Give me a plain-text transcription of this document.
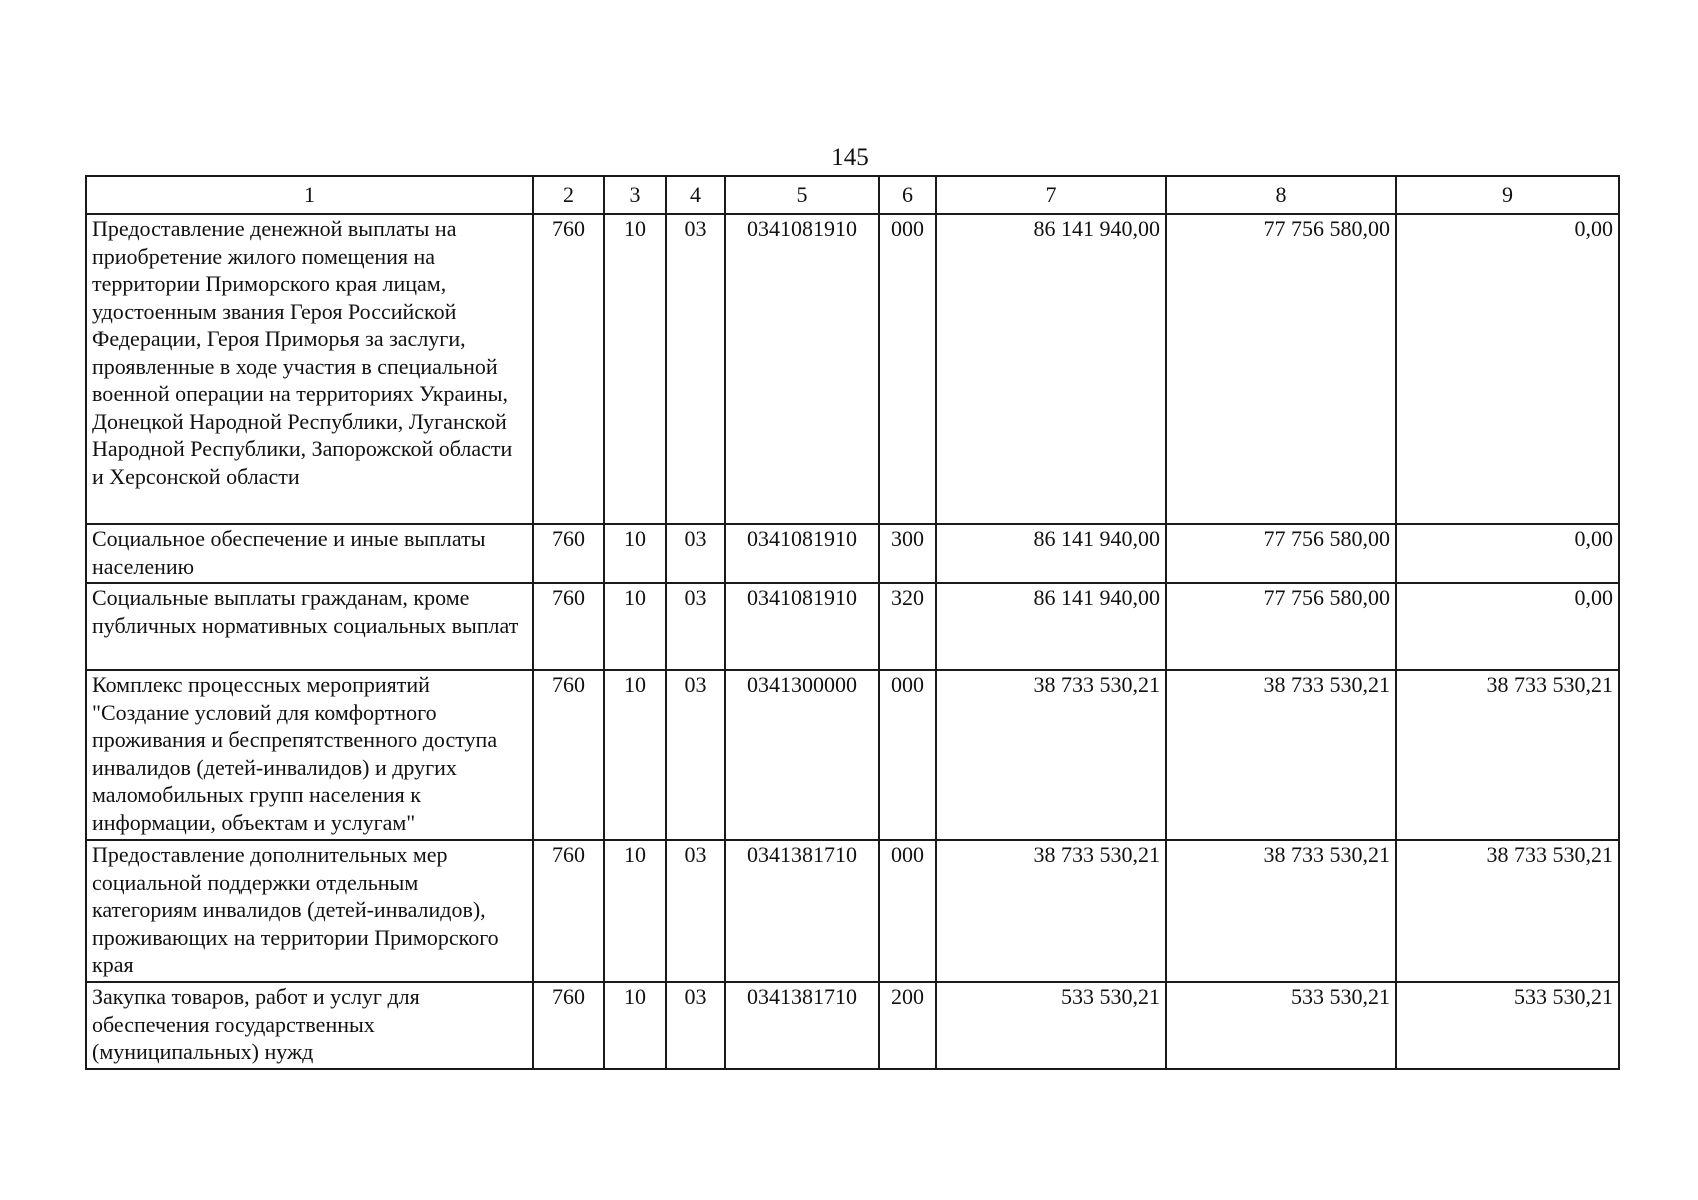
145
1	2	3	4	5	6	7	8	9
Предоставление денежной выплаты на приобретение жилого помещения на территории Приморского края лицам, удостоенным звания Героя Российской Федерации, Героя Приморья за заслуги, проявленные в ходе участия в специальной военной операции на территориях Украины, Донецкой Народной Республики, Луганской Народной Республики, Запорожской области и Херсонской области	760	10	03	0341081910	000	86 141 940,00	77 756 580,00	0,00
Социальное обеспечение и иные выплаты населению	760	10	03	0341081910	300	86 141 940,00	77 756 580,00	0,00
Социальные выплаты гражданам, кроме публичных нормативных социальных выплат	760	10	03	0341081910	320	86 141 940,00	77 756 580,00	0,00
Комплекс процессных мероприятий "Создание условий для комфортного проживания и беспрепятственного доступа инвалидов (детей-инвалидов) и других маломобильных групп населения к информации, объектам и услугам"	760	10	03	0341300000	000	38 733 530,21	38 733 530,21	38 733 530,21
Предоставление дополнительных мер социальной поддержки отдельным категориям инвалидов (детей-инвалидов), проживающих на территории Приморского края	760	10	03	0341381710	000	38 733 530,21	38 733 530,21	38 733 530,21
Закупка товаров, работ и услуг для обеспечения государственных (муниципальных) нужд	760	10	03	0341381710	200	533 530,21	533 530,21	533 530,21
